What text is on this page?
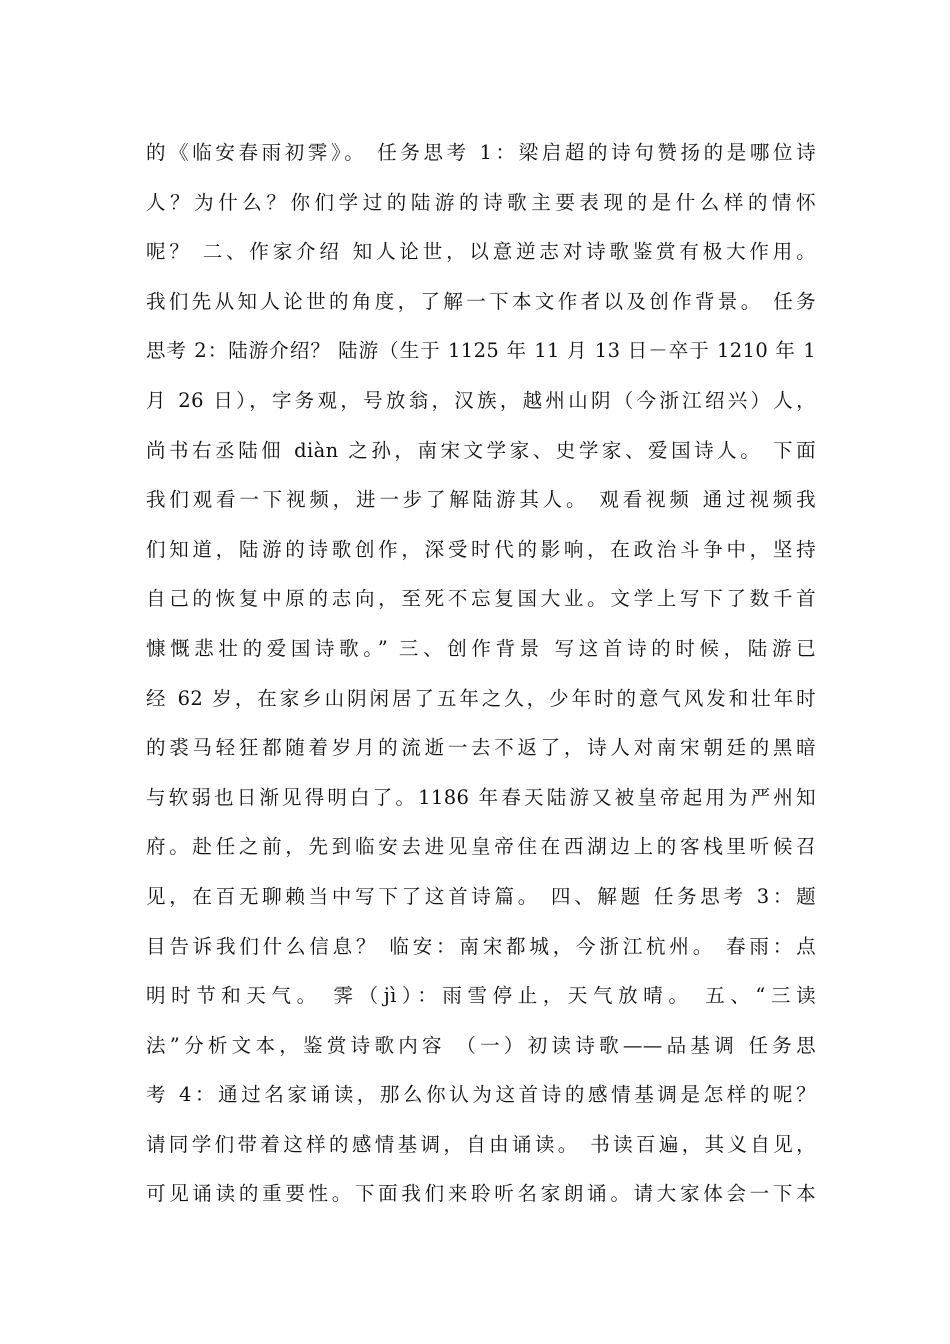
的《临安春雨初霁》。 任务思考 1：梁启超的诗句赞扬的是哪位诗
人？为什么？你们学过的陆游的诗歌主要表现的是什么样的情怀
呢？ 二、作家介绍 知人论世，以意逆志对诗歌鉴赏有极大作用。
我们先从知人论世的角度，了解一下本文作者以及创作背景。 任务
思考 2：陆游介绍？ 陆游（生于 1125 年 11 月 13 日－卒于 1210 年 1
月 26 日），字务观，号放翁，汉族，越州山阴（今浙江绍兴）人，
尚书右丞陆佃 diàn 之孙，南宋文学家、史学家、爱国诗人。 下面
我们观看一下视频，进一步了解陆游其人。 观看视频 通过视频我
们知道，陆游的诗歌创作，深受时代的影响，在政治斗争中，坚持
自己的恢复中原的志向，至死不忘复国大业。文学上写下了数千首
慷慨悲壮的爱国诗歌。” 三、创作背景 写这首诗的时候，陆游已
经 62 岁，在家乡山阴闲居了五年之久，少年时的意气风发和壮年时
的裘马轻狂都随着岁月的流逝一去不返了，诗人对南宋朝廷的黑暗
与软弱也日渐见得明白了。1186 年春天陆游又被皇帝起用为严州知
府。赴任之前，先到临安去进见皇帝住在西湖边上的客栈里听候召
见，在百无聊赖当中写下了这首诗篇。 四、解题 任务思考 3：题
目告诉我们什么信息？ 临安：南宋都城，今浙江杭州。 春雨：点
明时节和天气。 霁（jì）：雨雪停止，天气放晴。 五、“三读
法”分析文本，鉴赏诗歌内容 （一）初读诗歌——品基调 任务思
考 4：通过名家诵读，那么你认为这首诗的感情基调是怎样的呢？
请同学们带着这样的感情基调，自由诵读。 书读百遍，其义自见，
可见诵读的重要性。下面我们来聆听名家朗诵。请大家体会一下本
